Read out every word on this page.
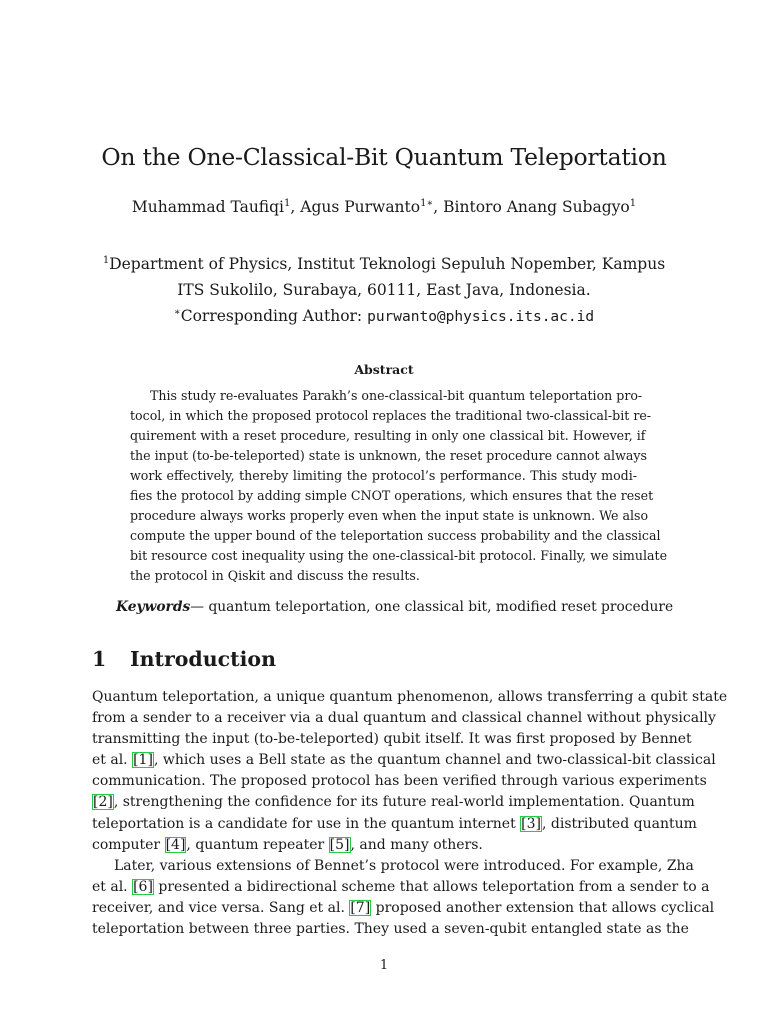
On the One-Classical-Bit Quantum Teleportation
Muhammad Taufiqi$^1$, Agus Purwanto$^{1∗}$, Bintoro Anang Subagyo$^1$
$^1$Department of Physics, Institut Teknologi Sepuluh Nopember, Kampus
ITS Sukolilo, Surabaya, 60111, East Java, Indonesia.
∗Corresponding Author: purwanto@physics.its.ac.id
Abstract
This study re-evaluates Parakh’s one-classical-bit quantum teleportation pro-
tocol, in which the proposed protocol replaces the traditional two-classical-bit re-
quirement with a reset procedure, resulting in only one classical bit. However, if
the input (to-be-teleported) state is unknown, the reset procedure cannot always
work effectively, thereby limiting the protocol’s performance. This study modi-
fies the protocol by adding simple CNOT operations, which ensures that the reset
procedure always works properly even when the input state is unknown. We also
compute the upper bound of the teleportation success probability and the classical
bit resource cost inequality using the one-classical-bit protocol. Finally, we simulate
the protocol in Qiskit and discuss the results.
Keywords— quantum teleportation, one classical bit, modified reset procedure
1 Introduction
Quantum teleportation, a unique quantum phenomenon, allows transferring a qubit state
from a sender to a receiver via a dual quantum and classical channel without physically
transmitting the input (to-be-teleported) qubit itself. It was first proposed by Bennet
et al. [1], which uses a Bell state as the quantum channel and two-classical-bit classical
communication. The proposed protocol has been verified through various experiments
[2], strengthening the confidence for its future real-world implementation. Quantum
teleportation is a candidate for use in the quantum internet [3], distributed quantum
computer [4], quantum repeater [5], and many others.
Later, various extensions of Bennet’s protocol were introduced. For example, Zha
et al. [6] presented a bidirectional scheme that allows teleportation from a sender to a
receiver, and vice versa. Sang et al. [7] proposed another extension that allows cyclical
teleportation between three parties. They used a seven-qubit entangled state as the
1
